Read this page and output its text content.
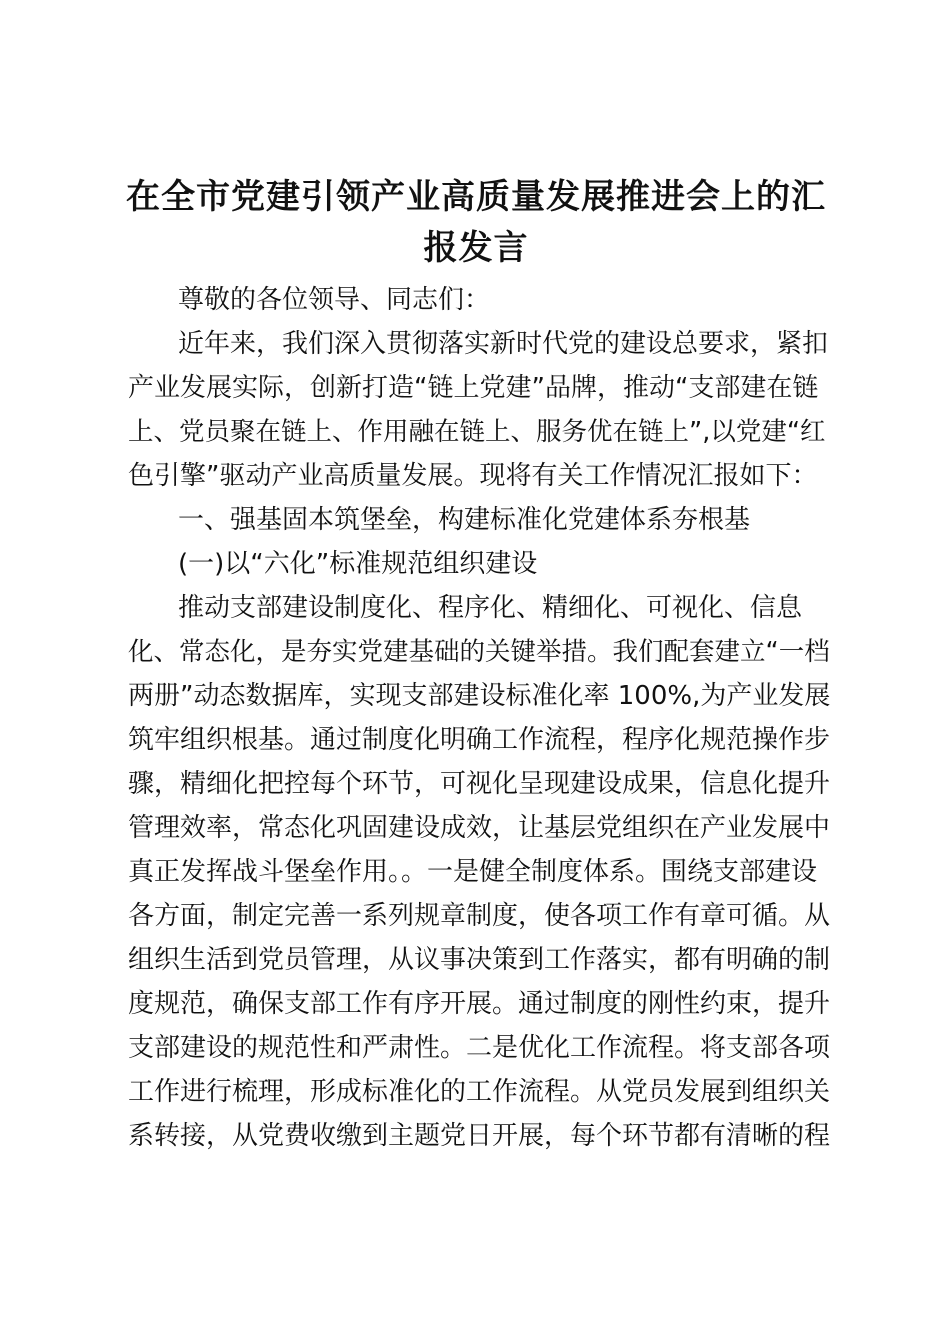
在全市党建引领产业高质量发展推进会上的汇
报发言

尊敬的各位领导、同志们：

近年来，我们深入贯彻落实新时代党的建设总要求，紧扣

产业发展实际，创新打造“链上党建”品牌，推动“支部建在链

上、党员聚在链上、作用融在链上、服务优在链上”,以党建“红

色引擎”驱动产业高质量发展。现将有关工作情况汇报如下：

一、强基固本筑堡垒，构建标准化党建体系夯根基

(一)以“六化”标准规范组织建设

推动支部建设制度化、程序化、精细化、可视化、信息

化、常态化，是夯实党建基础的关键举措。我们配套建立“一档

两册”动态数据库，实现支部建设标准化率 100%,为产业发展

筑牢组织根基。通过制度化明确工作流程，程序化规范操作步

骤，精细化把控每个环节，可视化呈现建设成果，信息化提升

管理效率，常态化巩固建设成效，让基层党组织在产业发展中

真正发挥战斗堡垒作用。。一是健全制度体系。围绕支部建设

各方面，制定完善一系列规章制度，使各项工作有章可循。从

组织生活到党员管理，从议事决策到工作落实，都有明确的制

度规范，确保支部工作有序开展。通过制度的刚性约束，提升

支部建设的规范性和严肃性。二是优化工作流程。将支部各项

工作进行梳理，形成标准化的工作流程。从党员发展到组织关

系转接，从党费收缴到主题党日开展，每个环节都有清晰的程
